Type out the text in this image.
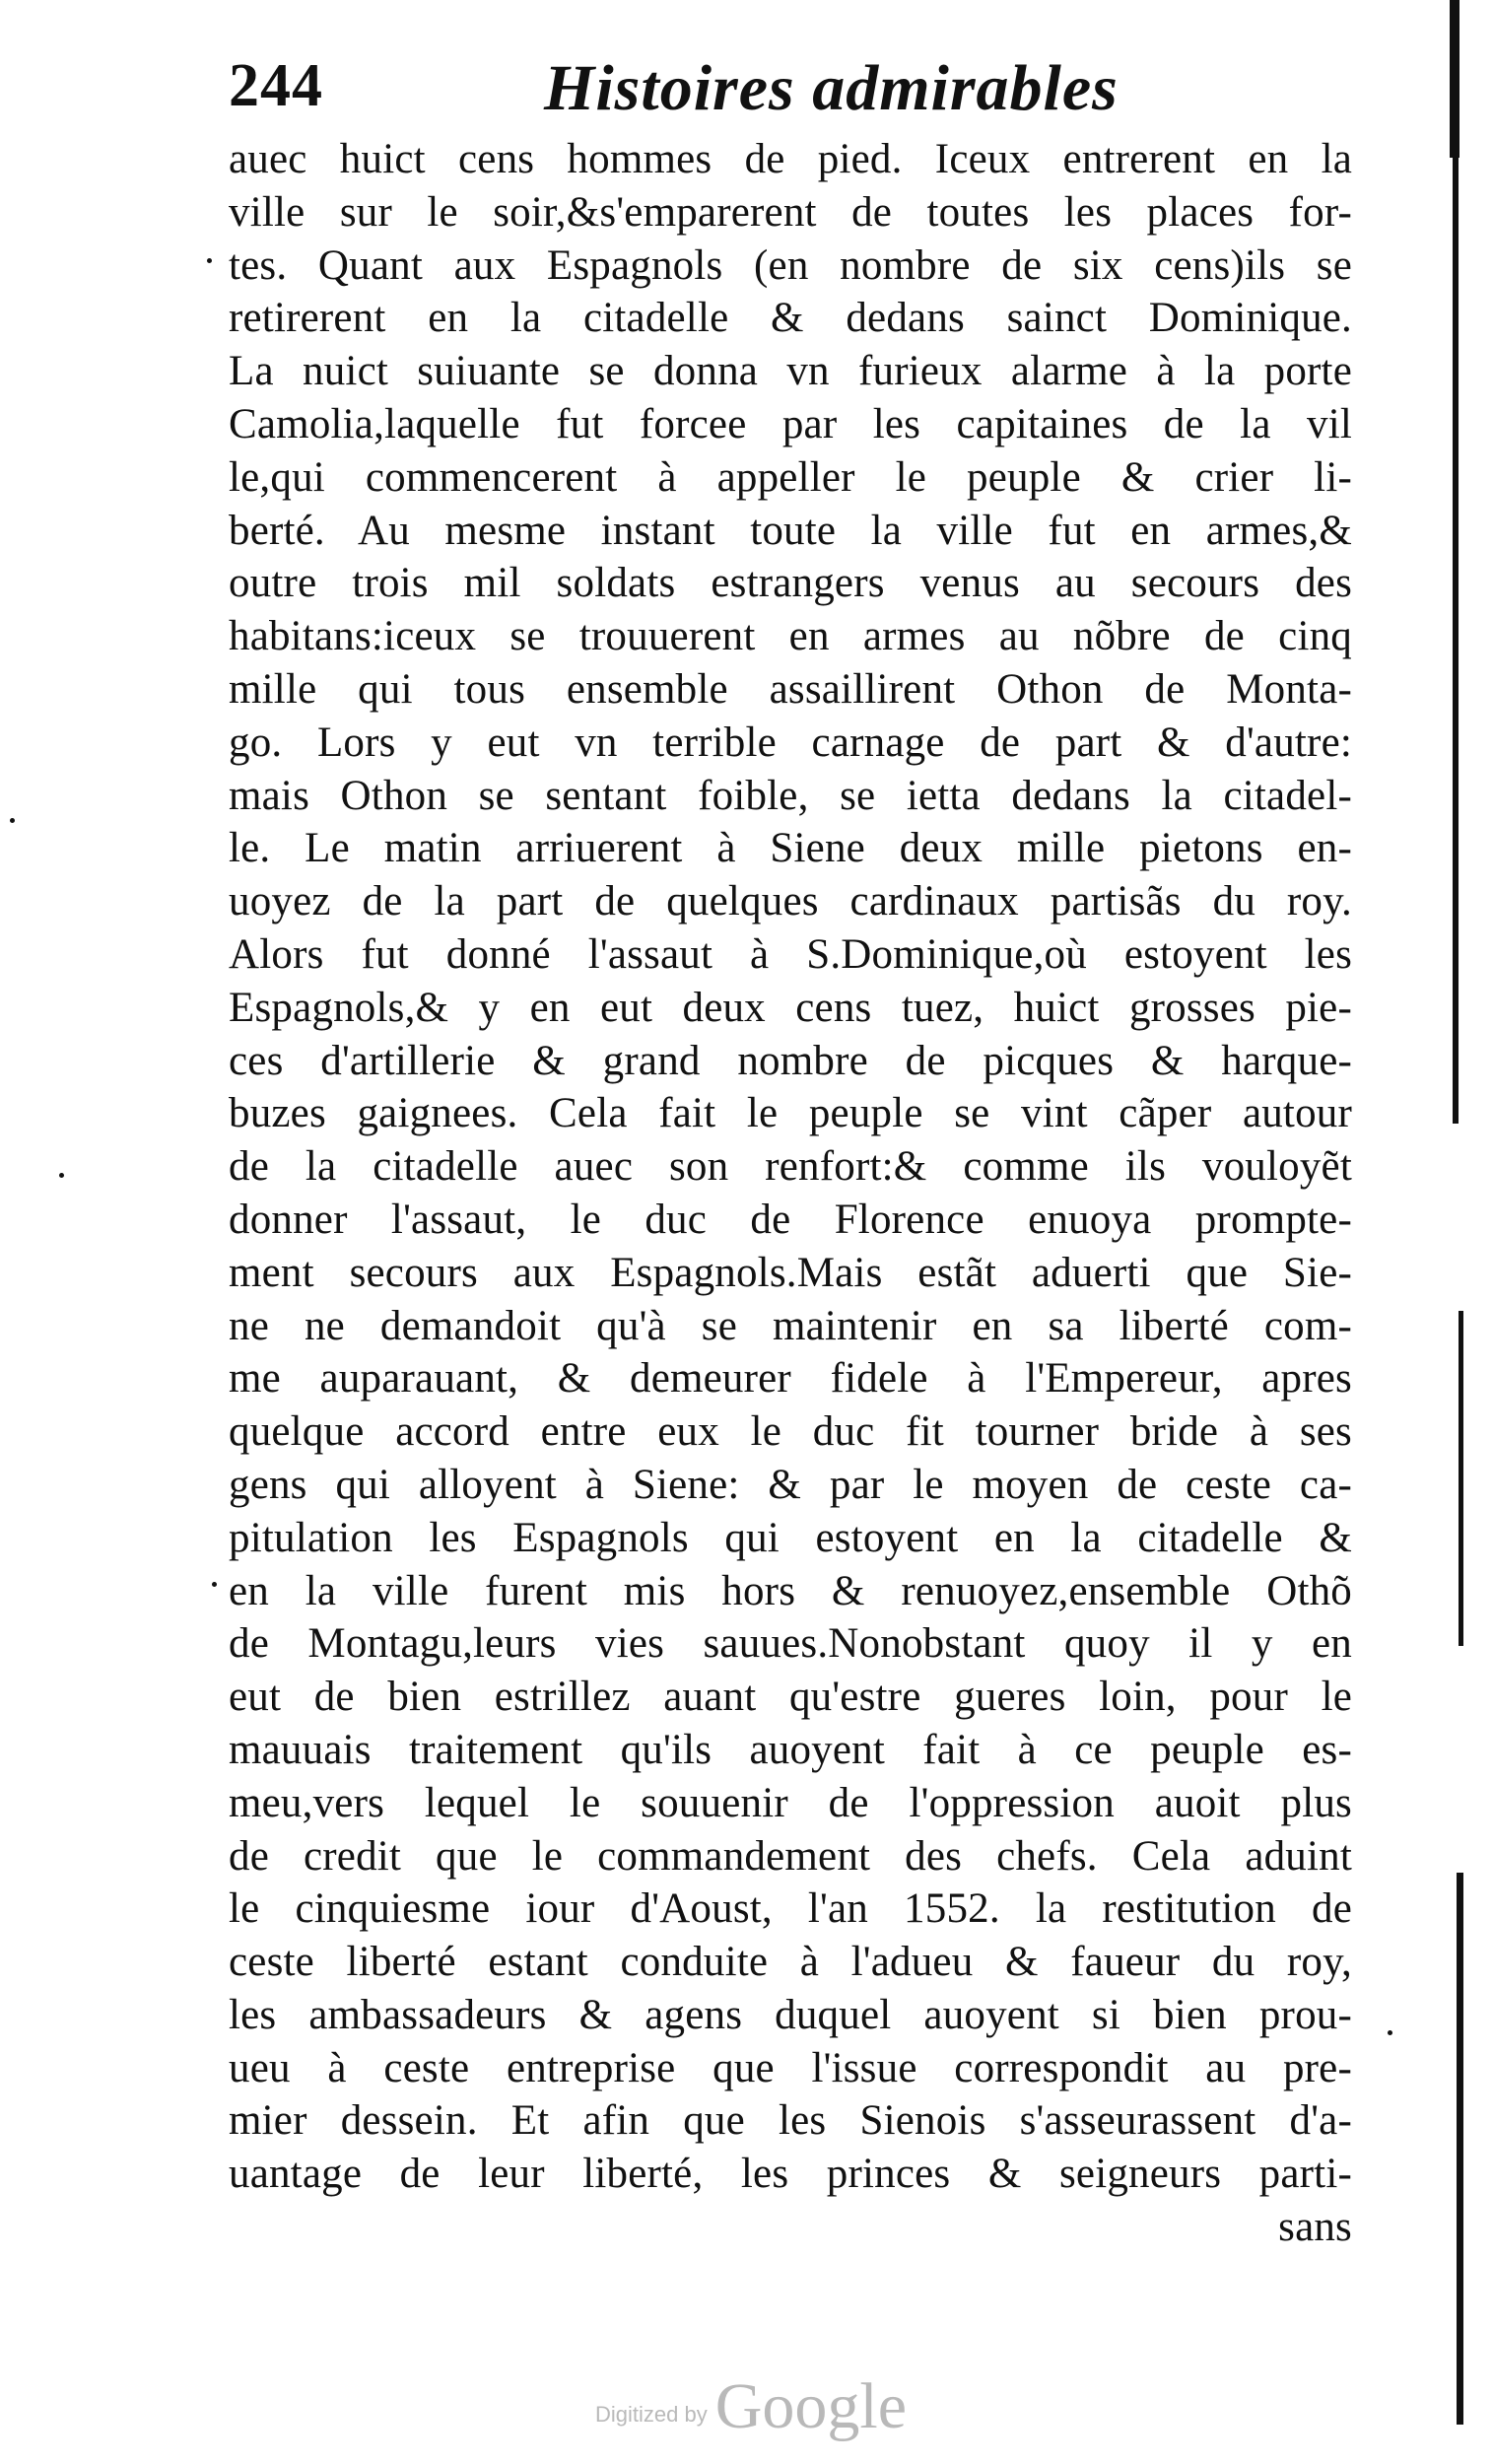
244	Histoires admirables
auec huict cens hommes de pied. Iceux entrerent en la
ville sur le soir,&s'emparerent de toutes les places for-
tes. Quant aux Espagnols (en nombre de six cens)ils se
retirerent en la citadelle & dedans sainct Dominique.
La nuict suiuante se donna vn furieux alarme à la porte
Camolia,laquelle fut forcee par les capitaines de la vil
le,qui commencerent à appeller le peuple & crier li-
berté. Au mesme instant toute la ville fut en armes,&
outre trois mil soldats estrangers venus au secours des
habitans:iceux se trouuerent en armes au nõbre de cinq
mille qui tous ensemble assaillirent Othon de Monta-
go. Lors y eut vn terrible carnage de part & d'autre:
mais Othon se sentant foible, se ietta dedans la citadel-
le. Le matin arriuerent à Siene deux mille pietons en-
uoyez de la part de quelques cardinaux partisãs du roy.
Alors fut donné l'assaut à S.Dominique,où estoyent les
Espagnols,& y en eut deux cens tuez, huict grosses pie-
ces d'artillerie & grand nombre de picques & harque-
buzes gaignees. Cela fait le peuple se vint cãper autour
de la citadelle auec son renfort:& comme ils vouloyẽt
donner l'assaut, le duc de Florence enuoya prompte-
ment secours aux Espagnols.Mais estãt aduerti que Sie-
ne ne demandoit qu'à se maintenir en sa liberté com-
me auparauant, & demeurer fidele à l'Empereur, apres
quelque accord entre eux le duc fit tourner bride à ses
gens qui alloyent à Siene: & par le moyen de ceste ca-
pitulation les Espagnols qui estoyent en la citadelle &
en la ville furent mis hors & renuoyez,ensemble Othõ
de Montagu,leurs vies sauues.Nonobstant quoy il y en
eut de bien estrillez auant qu'estre gueres loin, pour le
mauuais traitement qu'ils auoyent fait à ce peuple es-
meu,vers lequel le souuenir de l'oppression auoit plus
de credit que le commandement des chefs. Cela aduint
le cinquiesme iour d'Aoust, l'an 1552. la restitution de
ceste liberté estant conduite à l'adueu & faueur du roy,
les ambassadeurs & agens duquel auoyent si bien prou-
ueu à ceste entreprise que l'issue correspondit au pre-
mier dessein. Et afin que les Sienois s'asseurassent d'a-
uantage de leur liberté, les princes & seigneurs parti-
sans
Digitized by Google
